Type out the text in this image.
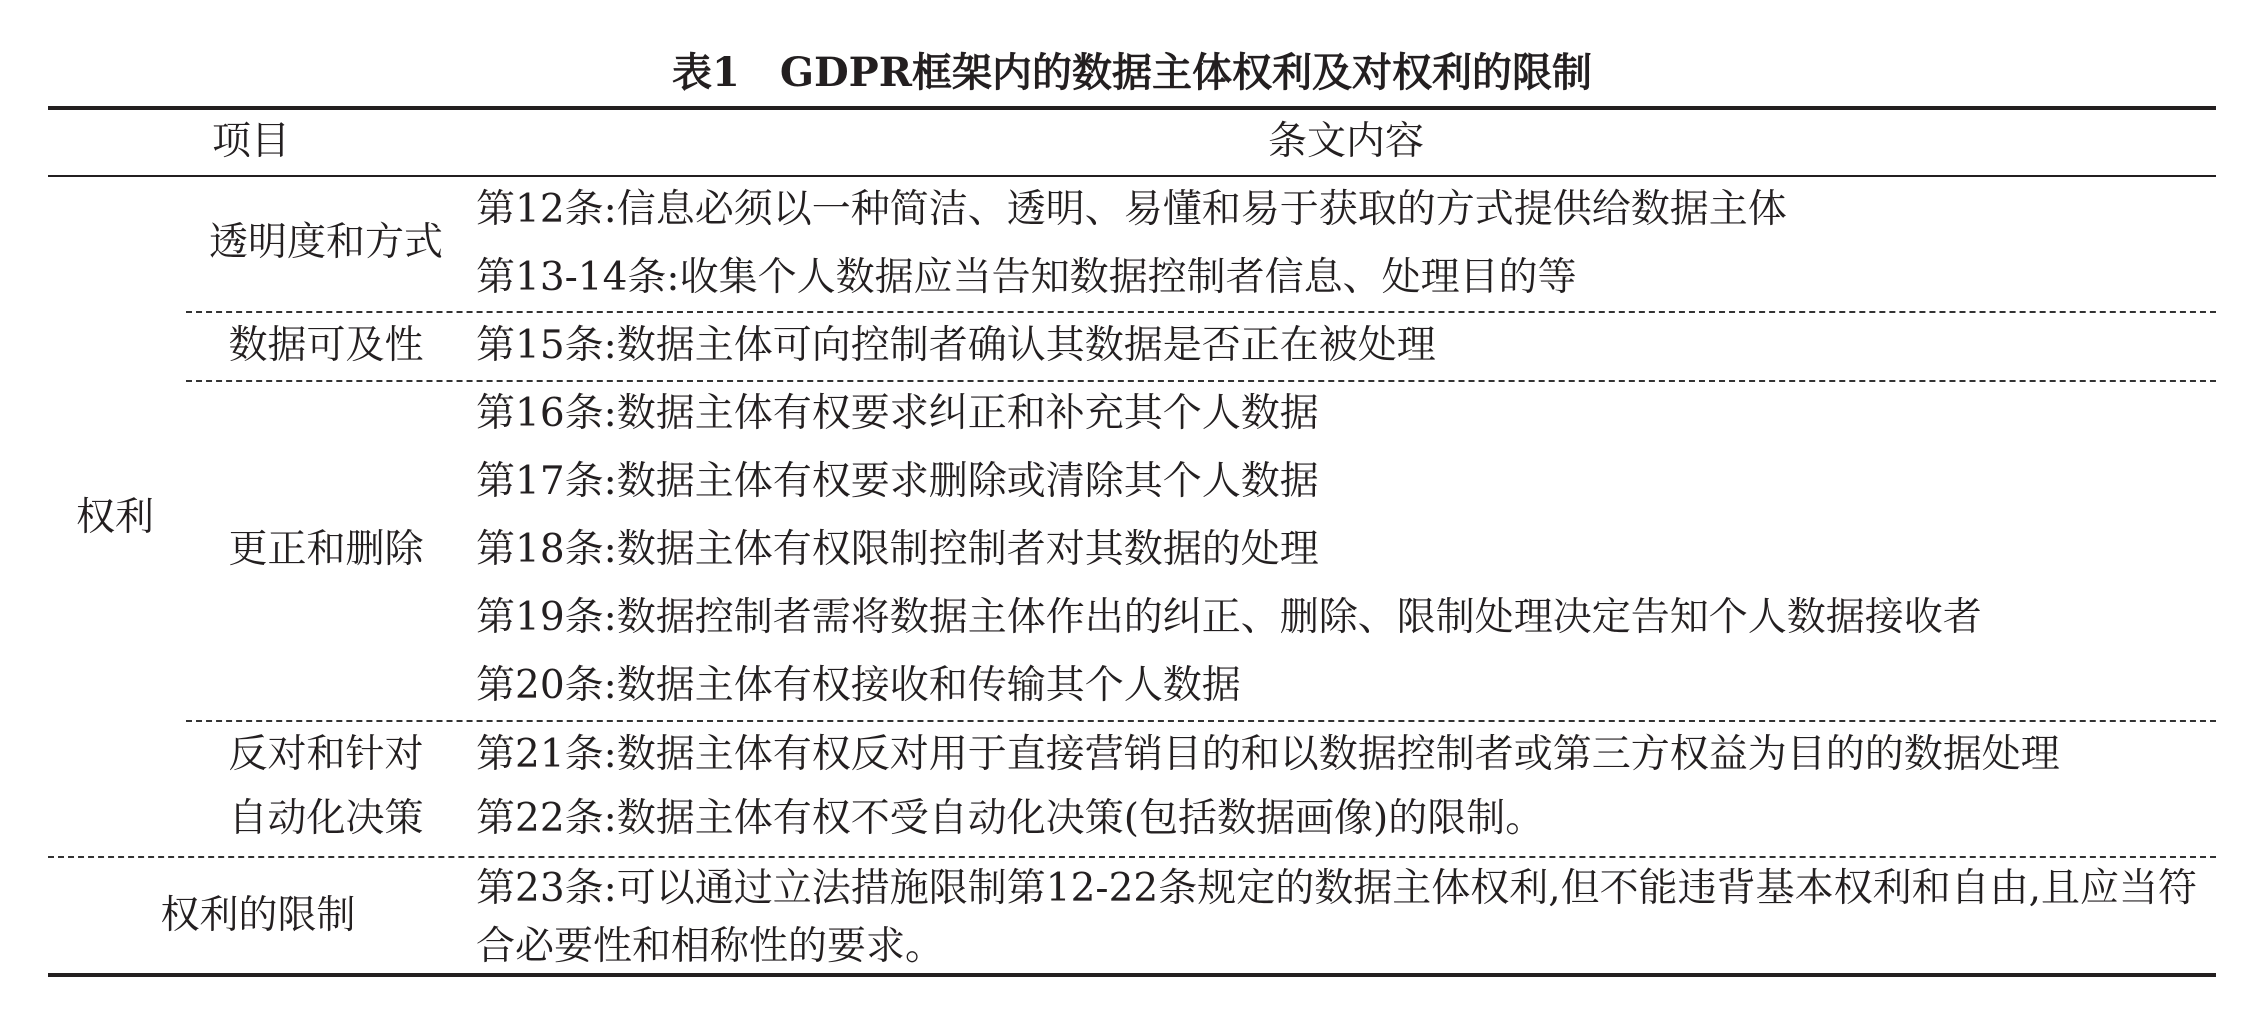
表1　GDPR框架内的数据主体权利及对权利的限制
项目	条文内容
权利
权利的限制
透明度和方式
数据可及性
更正和删除
反对和针对
自动化决策
第12条:信息必须以一种简洁、透明、易懂和易于获取的方式提供给数据主体
第13-14条:收集个人数据应当告知数据控制者信息、处理目的等
第15条:数据主体可向控制者确认其数据是否正在被处理
第16条:数据主体有权要求纠正和补充其个人数据
第17条:数据主体有权要求删除或清除其个人数据
第18条:数据主体有权限制控制者对其数据的处理
第19条:数据控制者需将数据主体作出的纠正、删除、限制处理决定告知个人数据接收者
第20条:数据主体有权接收和传输其个人数据
第21条:数据主体有权反对用于直接营销目的和以数据控制者或第三方权益为目的的数据处理
第22条:数据主体有权不受自动化决策(包括数据画像)的限制。
第23条:可以通过立法措施限制第12-22条规定的数据主体权利,但不能违背基本权利和自由,且应当符合必要性和相称性的要求。
